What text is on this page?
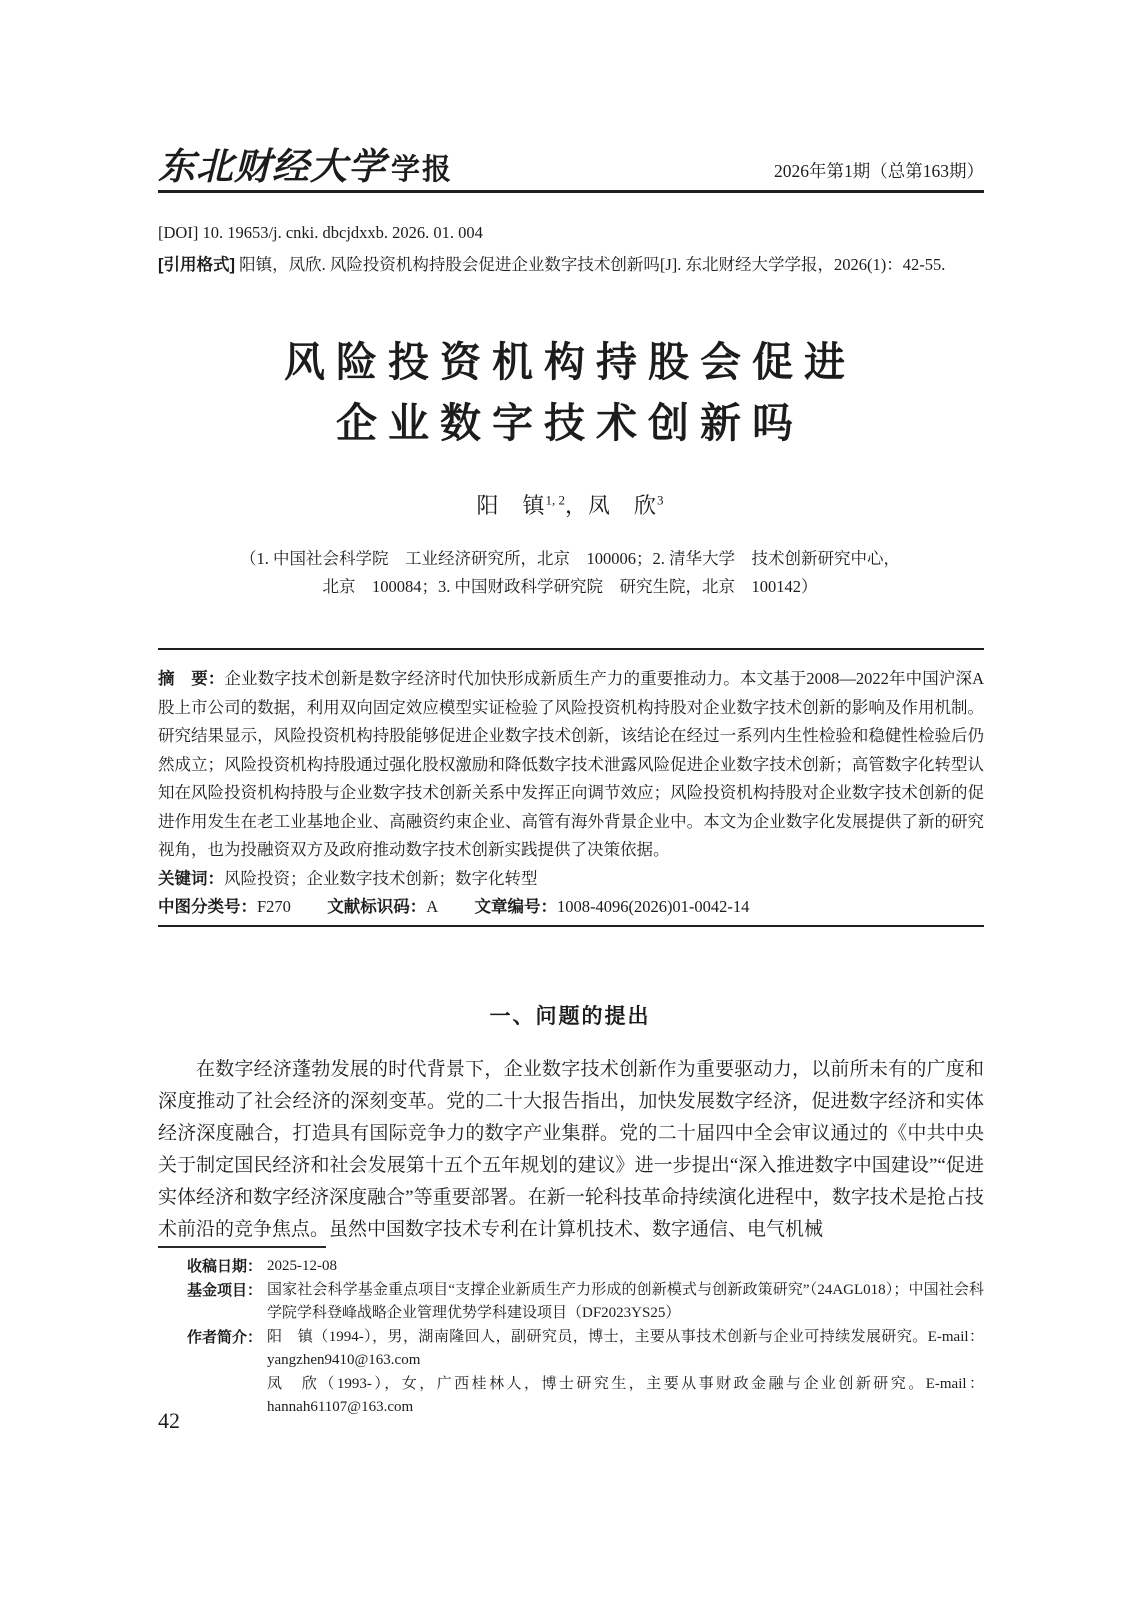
东北财经大学 学报	2026年第1期（总第163期）
[DOI] 10. 19653/j. cnki. dbcjdxxb. 2026. 01. 004
[引用格式] 阳镇，凤欣. 风险投资机构持股会促进企业数字技术创新吗[J]. 东北财经大学学报，2026(1)：42-55.
风险投资机构持股会促进
企业数字技术创新吗
阳　镇$^{1, 2}$，凤　欣$^3$
（1. 中国社会科学院　工业经济研究所，北京　100006；2. 清华大学　技术创新研究中心，
北京　100084；3. 中国财政科学研究院　研究生院，北京　100142）
摘　要：企业数字技术创新是数字经济时代加快形成新质生产力的重要推动力。本文基于2008—2022年中国沪深A股上市公司的数据，利用双向固定效应模型实证检验了风险投资机构持股对企业数字技术创新的影响及作用机制。研究结果显示，风险投资机构持股能够促进企业数字技术创新，该结论在经过一系列内生性检验和稳健性检验后仍然成立；风险投资机构持股通过强化股权激励和降低数字技术泄露风险促进企业数字技术创新；高管数字化转型认知在风险投资机构持股与企业数字技术创新关系中发挥正向调节效应；风险投资机构持股对企业数字技术创新的促进作用发生在老工业基地企业、高融资约束企业、高管有海外背景企业中。本文为企业数字化发展提供了新的研究视角，也为投融资双方及政府推动数字技术创新实践提供了决策依据。
关键词：风险投资；企业数字技术创新；数字化转型
中图分类号：F270 文献标识码：A 文章编号：1008-4096(2026)01-0042-14
一、问题的提出
在数字经济蓬勃发展的时代背景下，企业数字技术创新作为重要驱动力，以前所未有的广度和深度推动了社会经济的深刻变革。党的二十大报告指出，加快发展数字经济，促进数字经济和实体经济深度融合，打造具有国际竞争力的数字产业集群。党的二十届四中全会审议通过的《中共中央关于制定国民经济和社会发展第十五个五年规划的建议》进一步提出“深入推进数字中国建设”“促进实体经济和数字经济深度融合”等重要部署。在新一轮科技革命持续演化进程中，数字技术是抢占技术前沿的竞争焦点。虽然中国数字技术专利在计算机技术、数字通信、电气机械
收稿日期： 2025-12-08
基金项目： 国家社会科学基金重点项目“支撑企业新质生产力形成的创新模式与创新政策研究”（24AGL018）；中国社会科学院学科登峰战略企业管理优势学科建设项目（DF2023YS25）
作者简介： 阳　镇（1994-），男，湖南隆回人，副研究员，博士，主要从事技术创新与企业可持续发展研究。E-mail：yangzhen9410@163.com
凤　欣（1993-），女，广西桂林人，博士研究生，主要从事财政金融与企业创新研究。E-mail：hannah61107@163.com
42
